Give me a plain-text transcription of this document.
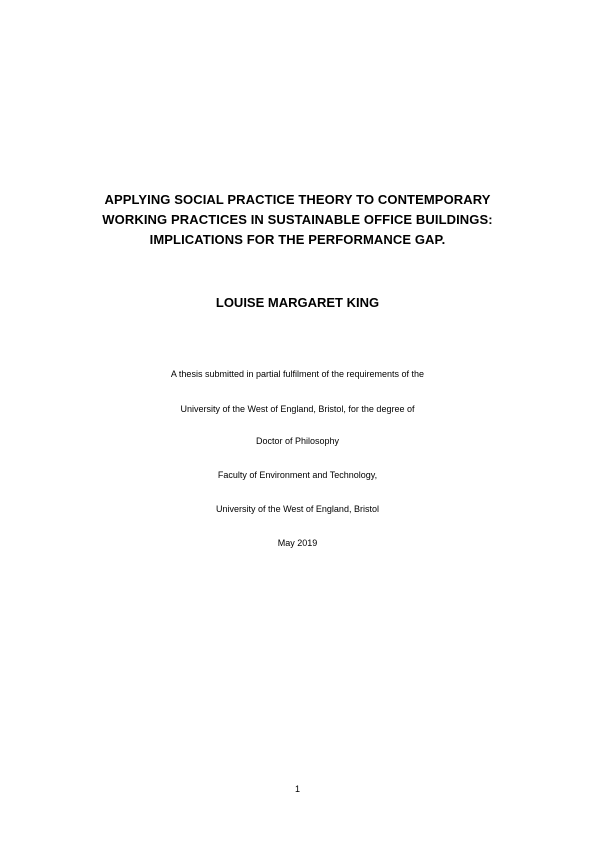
APPLYING SOCIAL PRACTICE THEORY TO CONTEMPORARY
WORKING PRACTICES IN SUSTAINABLE OFFICE BUILDINGS:
IMPLICATIONS FOR THE PERFORMANCE GAP.
LOUISE MARGARET KING
A thesis submitted in partial fulfilment of the requirements of the
University of the West of England, Bristol, for the degree of
Doctor of Philosophy
Faculty of Environment and Technology,
University of the West of England, Bristol
May 2019
1
